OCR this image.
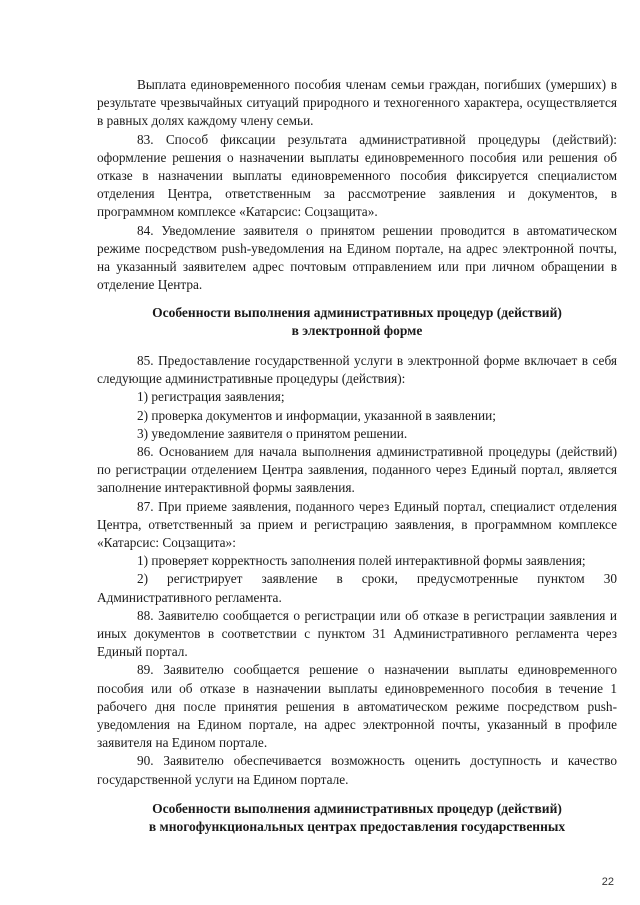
Выплата единовременного пособия членам семьи граждан, погибших (умерших) в результате чрезвычайных ситуаций природного и техногенного характера, осуществляется в равных долях каждому члену семьи.

83. Способ фиксации результата административной процедуры (действий): оформление решения о назначении выплаты единовременного пособия или решения об отказе в назначении выплаты единовременного пособия фиксируется специалистом отделения Центра, ответственным за рассмотрение заявления и документов, в программном комплексе «Катарсис: Соцзащита».

84. Уведомление заявителя о принятом решении проводится в автоматическом режиме посредством push-уведомления на Едином портале, на адрес электронной почты, на указанный заявителем адрес почтовым отправлением или при личном обращении в отделение Центра.

Особенности выполнения административных процедур (действий)

в электронной форме

85. Предоставление государственной услуги в электронной форме включает в себя следующие административные процедуры (действия):

1) регистрация заявления;

2) проверка документов и информации, указанной в заявлении;

3) уведомление заявителя о принятом решении.

86. Основанием для начала выполнения административной процедуры (действий) по регистрации отделением Центра заявления, поданного через Единый портал, является заполнение интерактивной формы заявления.

87. При приеме заявления, поданного через Единый портал, специалист отделения Центра, ответственный за прием и регистрацию заявления, в программном комплексе «Катарсис: Соцзащита»:

1) проверяет корректность заполнения полей интерактивной формы заявления;

2) регистрирует заявление в сроки, предусмотренные пунктом 30 Административного регламента.

88. Заявителю сообщается о регистрации или об отказе в регистрации заявления и иных документов в соответствии с пунктом 31 Административного регламента через Единый портал.

89. Заявителю сообщается решение о назначении выплаты единовременного пособия или об отказе в назначении выплаты единовременного пособия в течение 1 рабочего дня после принятия решения в автоматическом режиме посредством push-уведомления на Едином портале, на адрес электронной почты, указанный в профиле заявителя на Едином портале.

90. Заявителю обеспечивается возможность оценить доступность и качество государственной услуги на Едином портале.

Особенности выполнения административных процедур (действий)

в многофункциональных центрах предоставления государственных

22
